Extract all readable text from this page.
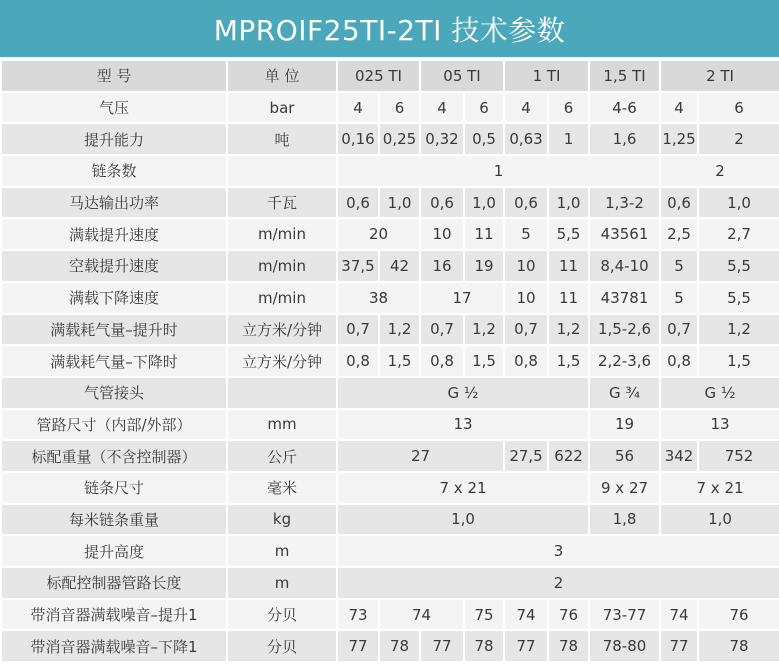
MPROIF25TI-2TI 技术参数
型 号	单 位	025 TI		05 TI		1 TI		1,5 TI	2 TI	
气压	bar	4	6	4	6	4	6	4-6	4	6
提升能力	吨	0,16	0,25	0,32	0,5	0,63	1	1,6	1,25	2
链条数		1							2	
马达输出功率	千瓦	0,6	1,0	0,6	1,0	0,6	1,0	1,3-2	0,6	1,0
满载提升速度	m/min	20		10	11	5	5,5	43561	2,5	2,7
空载提升速度	m/min	37,5	42	16	19	10	11	8,4-10	5	5,5
满载下降速度	m/min	38		17		10	11	43781	5	5,5
满载耗气量–提升时	立方米/分钟	0,7	1,2	0,7	1,2	0,7	1,2	1,5-2,6	0,7	1,2
满载耗气量–下降时	立方米/分钟	0,8	1,5	0,8	1,5	0,8	1,5	2,2-3,6	0,8	1,5
气管接头		G ½						G ¾	G ½	
管路尺寸（内部/外部）	mm	13						19	13	
标配重量（不含控制器）	公斤	27				27,5	622	56	342	752
链条尺寸	毫米	7 x 21						9 x 27	7 x 21	
每米链条重量	kg	1,0						1,8	1,0	
提升高度	m	3								
标配控制器管路长度	m	2								
带消音器满载噪音–提升1	分贝	73	74		75	74	76	73-77	74	76
带消音器满载噪音–下降1	分贝	77	78	77	78	77	78	78-80	77	78
